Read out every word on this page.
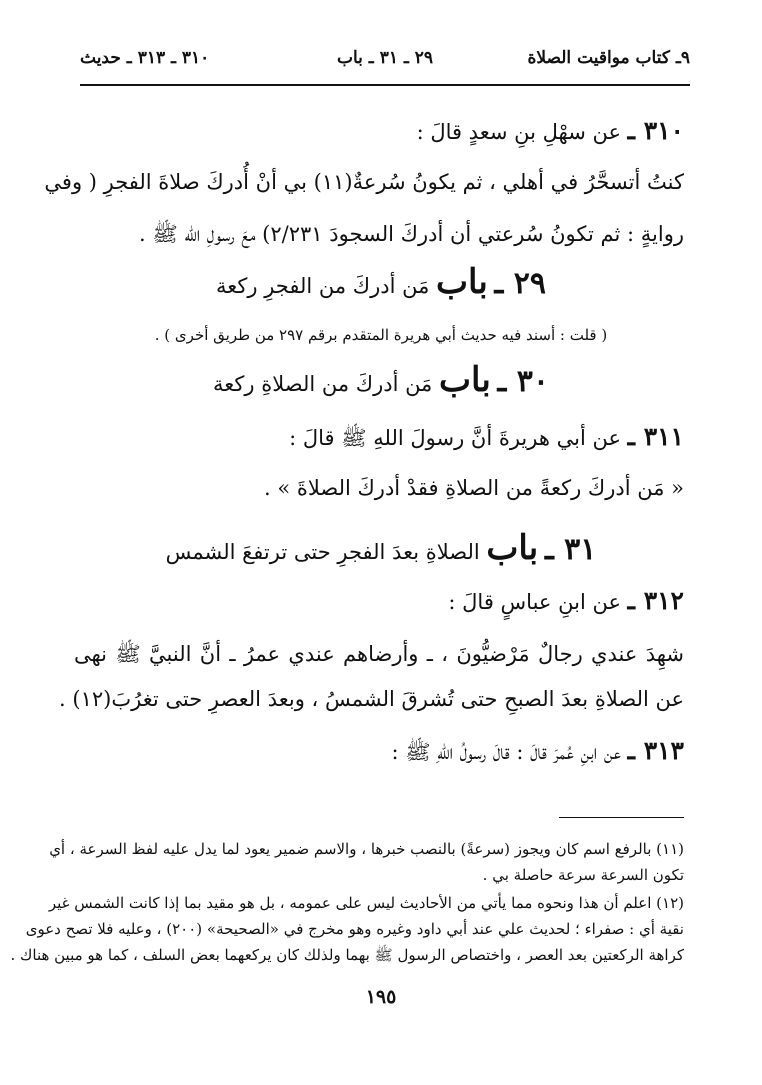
٩ـ كتاب مواقيت الصلاة
٢٩ ـ ٣١ ـ باب
٣١٠ ـ ٣١٣ ـ حديث
٣١٠ ـ عن سهْلِ بنِ سعدٍ قالَ :
كنتُ أتسحَّرُ في أهلي ، ثم يكونُ سُرعةٌ(١١) بي أنْ أُدركَ صلاةَ الفجرِ ( وفي
روايةٍ : ثم تكونُ سُرعتي أن أدركَ السجودَ ٢/٢٣١) معَ رسولِ الله ﷺ .
٢٩ ـ باب مَن أدركَ من الفجرِ ركعة
( قلت : أسند فيه حديث أبي هريرة المتقدم برقم ٢٩٧ من طريق أخرى ) .
٣٠ ـ باب مَن أدركَ من الصلاةِ ركعة
٣١١ ـ عن أبي هريرةَ أنَّ رسولَ اللهِ ﷺ قالَ :
« مَن أدركَ ركعةً من الصلاةِ فقدْ أدركَ الصلاةَ » .
٣١ ـ باب الصلاةِ بعدَ الفجرِ حتى ترتفعَ الشمس
٣١٢ ـ عن ابنِ عباسٍ قالَ :
شهِدَ عندي رجالٌ مَرْضيُّونَ ، ـ وأرضاهم عندي عمرُ ـ أنَّ النبيَّ ﷺ نهى
عن الصلاةِ بعدَ الصبحِ حتى تُشرقَ الشمسُ ، وبعدَ العصرِ حتى تغرُبَ(١٢) .
٣١٣ ـ عن ابنِ عُمرَ قالَ : قالَ رسولُ اللهِ ﷺ :
(١١) بالرفع اسم كان ويجوز (سرعةً) بالنصب خبرها ، والاسم ضمير يعود لما يدل عليه لفظ السرعة ، أي
تكون السرعة سرعة حاصلة بي .
(١٢) اعلم أن هذا ونحوه مما يأتي من الأحاديث ليس على عمومه ، بل هو مقيد بما إذا كانت الشمس غير
نقية أي : صفراء ؛ لحديث علي عند أبي داود وغيره وهو مخرج في «الصحيحة» (٢٠٠) ، وعليه فلا تصح دعوى
كراهة الركعتين بعد العصر ، واختصاص الرسول ﷺ بهما ولذلك كان يركعهما بعض السلف ، كما هو مبين هناك .
١٩٥
